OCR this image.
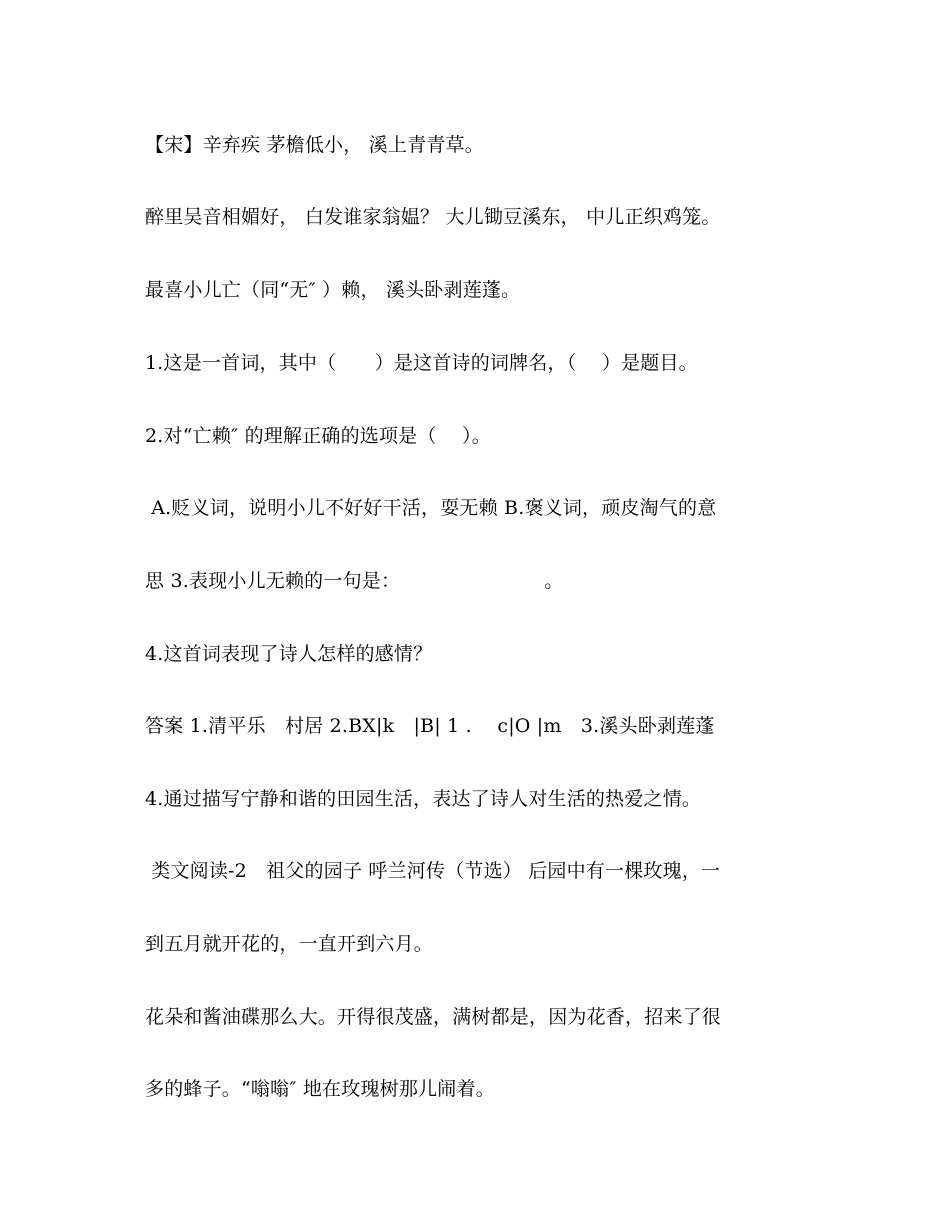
【宋】辛弃疾 茅檐低小， 溪上青青草。
醉里吴音相媚好， 白发谁家翁媪？ 大儿锄豆溪东， 中儿正织鸡笼。
最喜小儿亡（同“无″ ）赖， 溪头卧剥莲蓬。
1.这是一首词，其中（　　）是这首诗的词牌名，（　 ）是题目。
2.对“亡赖″ 的理解正确的选项是（　 ）。
A.贬义词，说明小儿不好好干活，耍无赖 B.褒义词，顽皮淘气的意
思 3.表现小儿无赖的一句是：　　　　　　　　。
4.这首词表现了诗人怎样的感情？
答案 1.清平乐　村居 2.BX|k　|B| 1 .　 c|O |m　3.溪头卧剥莲蓬
4.通过描写宁静和谐的田园生活，表达了诗人对生活的热爱之情。
类文阅读-2　祖父的园子 呼兰河传（节选） 后园中有一棵玫瑰，一
到五月就开花的，一直开到六月。
花朵和酱油碟那么大。开得很茂盛，满树都是，因为花香，招来了很
多的蜂子。“嗡嗡″ 地在玫瑰树那儿闹着。
